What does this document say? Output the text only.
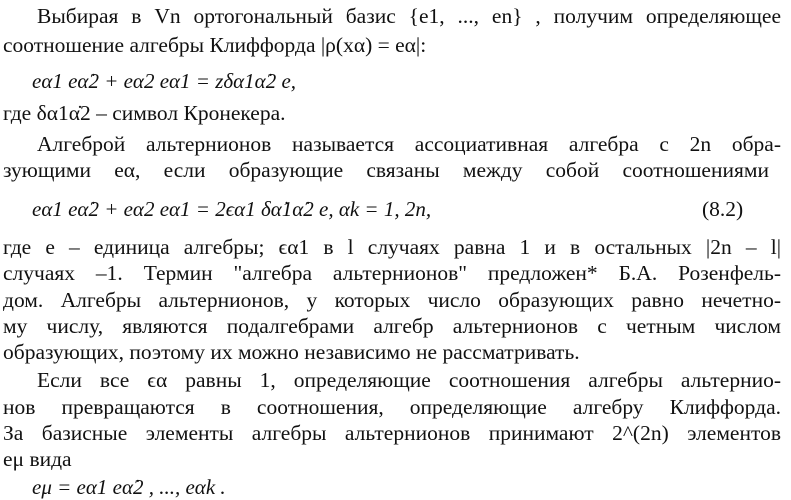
Выбирая в Vn ортогональный базис {e1, ..., en} , получим определяющее
соотношение алгебры Клиффорда |ρ(xα) = eα|:
eα1 eα̇2 + eα2 eα1 = zδα1α̇2 e,
где δα1α̇2 – символ Кронекера.
Алгеброй альтернионов называется ассоциативная алгебра с 2n обра-
зующими eα, если образующие связаны между собой соотношениями
eα1 eα̇2 + eα2 eα1 = 2ϵα1 δα̇1α̇2 e, αk = 1, 2n,	(8.2)
где e – единица алгебры; ϵα1 в l случаях равна 1 и в остальных |2n – l|
случаях –1. Термин "алгебра альтернионов" предложен* Б.А. Розенфель-
дом. Алгебры альтернионов, у которых число образующих равно нечетно-
му числу, являются подалгебрами алгебр альтернионов с четным числом
образующих, поэтому их можно независимо не рассматривать.
Если все ϵα равны 1, определяющие соотношения алгебры альтернио-
нов превращаются в соотношения, определяющие алгебру Клиффорда.
За базисные элементы алгебры альтернионов принимают 2^(2n) элементов
eμ вида
eμ = eα1 eα̇2 , ..., eαk .
